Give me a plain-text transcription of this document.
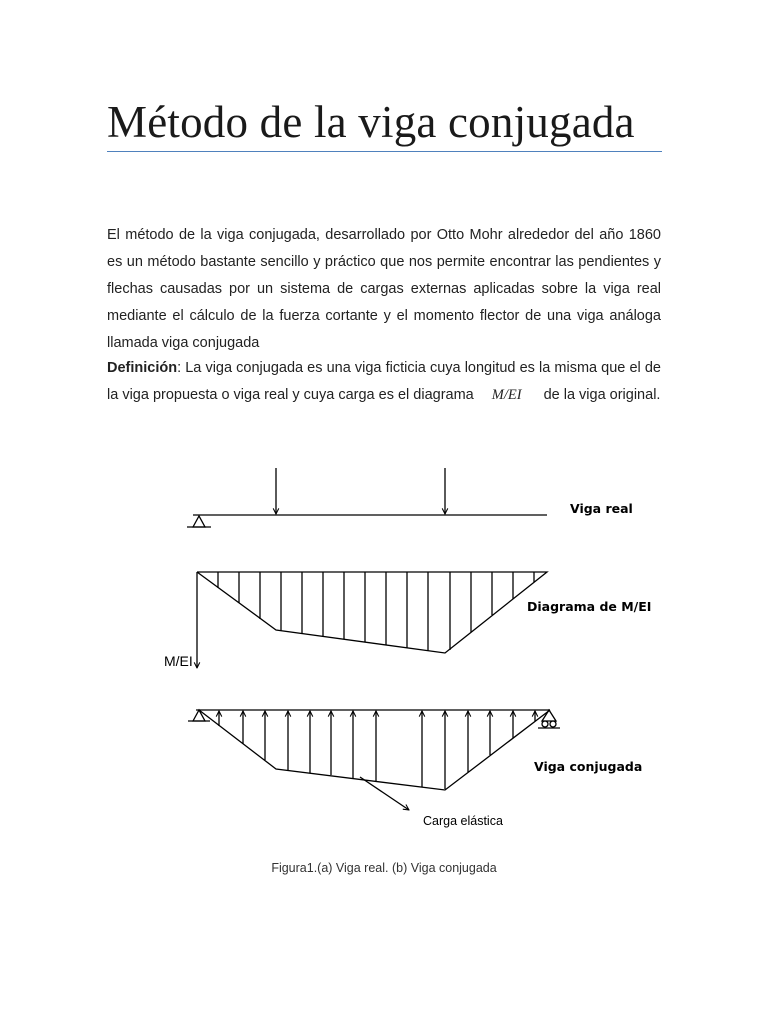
Método de la viga conjugada

El método de la viga conjugada, desarrollado por Otto Mohr alrededor del año 1860 es un método bastante sencillo y práctico que nos permite encontrar las pendientes y flechas causadas por un sistema de cargas externas aplicadas sobre la viga real mediante el cálculo de la fuerza cortante y el momento flector de una viga análoga llamada viga conjugada

Definición: La viga conjugada es una viga ficticia cuya longitud es la misma que el de la viga propuesta o viga real y cuya carga es el diagrama M/EI de la viga original.

Viga real
Diagrama de M/EI
M/EI
Viga conjugada
Carga elástica
Figura1.(a) Viga real. (b) Viga conjugada
